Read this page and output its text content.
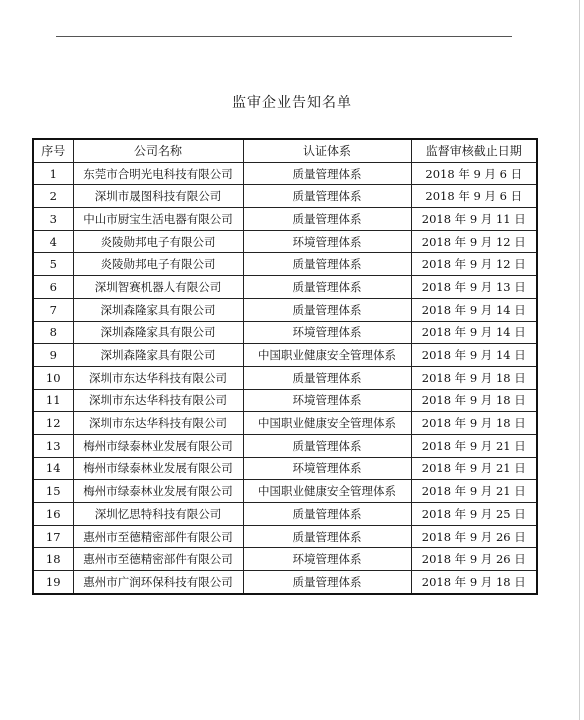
监审企业告知名单
序号	公司名称	认证体系	监督审核截止日期
1	东莞市合明光电科技有限公司	质量管理体系	2018 年 9 月 6 日
2	深圳市晟图科技有限公司	质量管理体系	2018 年 9 月 6 日
3	中山市厨宝生活电器有限公司	质量管理体系	2018 年 9 月 11 日
4	炎陵勋邦电子有限公司	环境管理体系	2018 年 9 月 12 日
5	炎陵勋邦电子有限公司	质量管理体系	2018 年 9 月 12 日
6	深圳智赛机器人有限公司	质量管理体系	2018 年 9 月 13 日
7	深圳森隆家具有限公司	质量管理体系	2018 年 9 月 14 日
8	深圳森隆家具有限公司	环境管理体系	2018 年 9 月 14 日
9	深圳森隆家具有限公司	中国职业健康安全管理体系	2018 年 9 月 14 日
10	深圳市东达华科技有限公司	质量管理体系	2018 年 9 月 18 日
11	深圳市东达华科技有限公司	环境管理体系	2018 年 9 月 18 日
12	深圳市东达华科技有限公司	中国职业健康安全管理体系	2018 年 9 月 18 日
13	梅州市绿泰林业发展有限公司	质量管理体系	2018 年 9 月 21 日
14	梅州市绿泰林业发展有限公司	环境管理体系	2018 年 9 月 21 日
15	梅州市绿泰林业发展有限公司	中国职业健康安全管理体系	2018 年 9 月 21 日
16	深圳忆思特科技有限公司	质量管理体系	2018 年 9 月 25 日
17	惠州市至德精密部件有限公司	质量管理体系	2018 年 9 月 26 日
18	惠州市至德精密部件有限公司	环境管理体系	2018 年 9 月 26 日
19	惠州市广润环保科技有限公司	质量管理体系	2018 年 9 月 18 日
